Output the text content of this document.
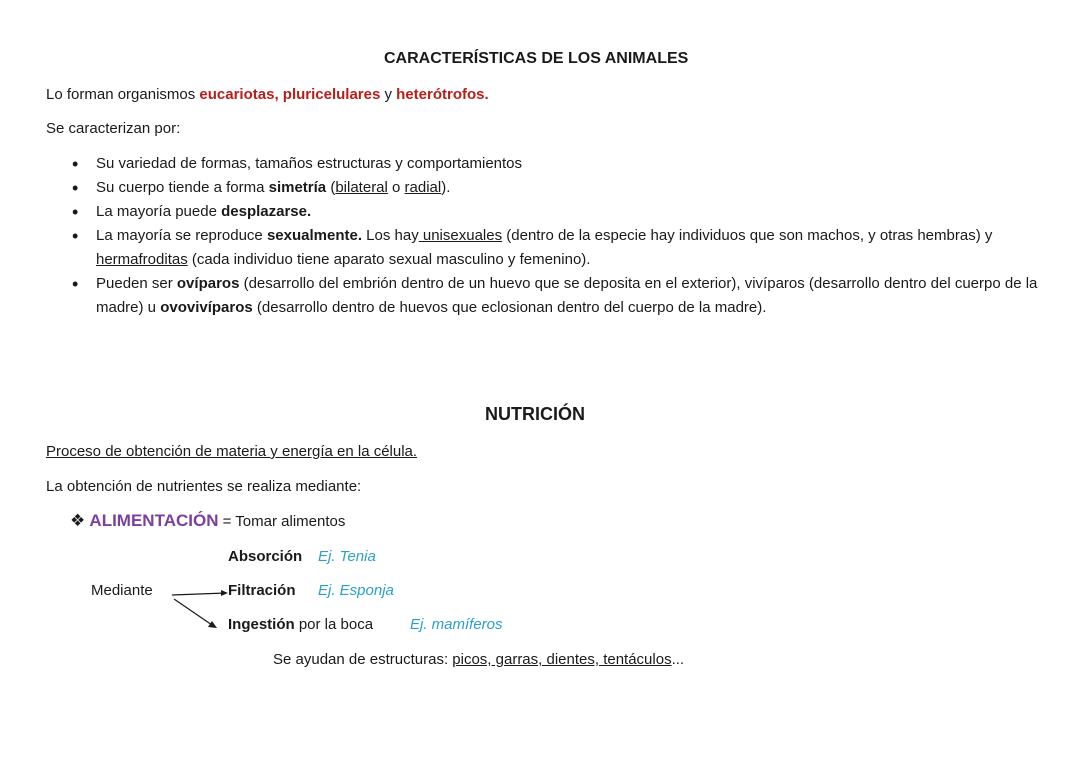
CARACTERÍSTICAS DE LOS ANIMALES
Lo forman organismos eucariotas, pluricelulares y heterótrofos.
Se caracterizan por:
• Su variedad de formas, tamaños estructuras y comportamientos
• Su cuerpo tiende a forma simetría (bilateral o radial).
• La mayoría puede desplazarse.
• La mayoría se reproduce sexualmente. Los hay unisexuales (dentro de la especie hay individuos que son machos, y otras hembras) y hermafroditas (cada individuo tiene aparato sexual masculino y femenino).
• Pueden ser ovíparos (desarrollo del embrión dentro de un huevo que se deposita en el exterior), vivíparos (desarrollo dentro del cuerpo de la madre) u ovovivíparos (desarrollo dentro de huevos que eclosionan dentro del cuerpo de la madre).
NUTRICIÓN
Proceso de obtención de materia y energía en la célula.
La obtención de nutrientes se realiza mediante:
❖ ALIMENTACIÓN = Tomar alimentos
Absorción Ej. Tenia
Mediante	Filtración Ej. Esponja
Ingestión por la boca Ej. mamíferos
Se ayudan de estructuras: picos, garras, dientes, tentáculos...
